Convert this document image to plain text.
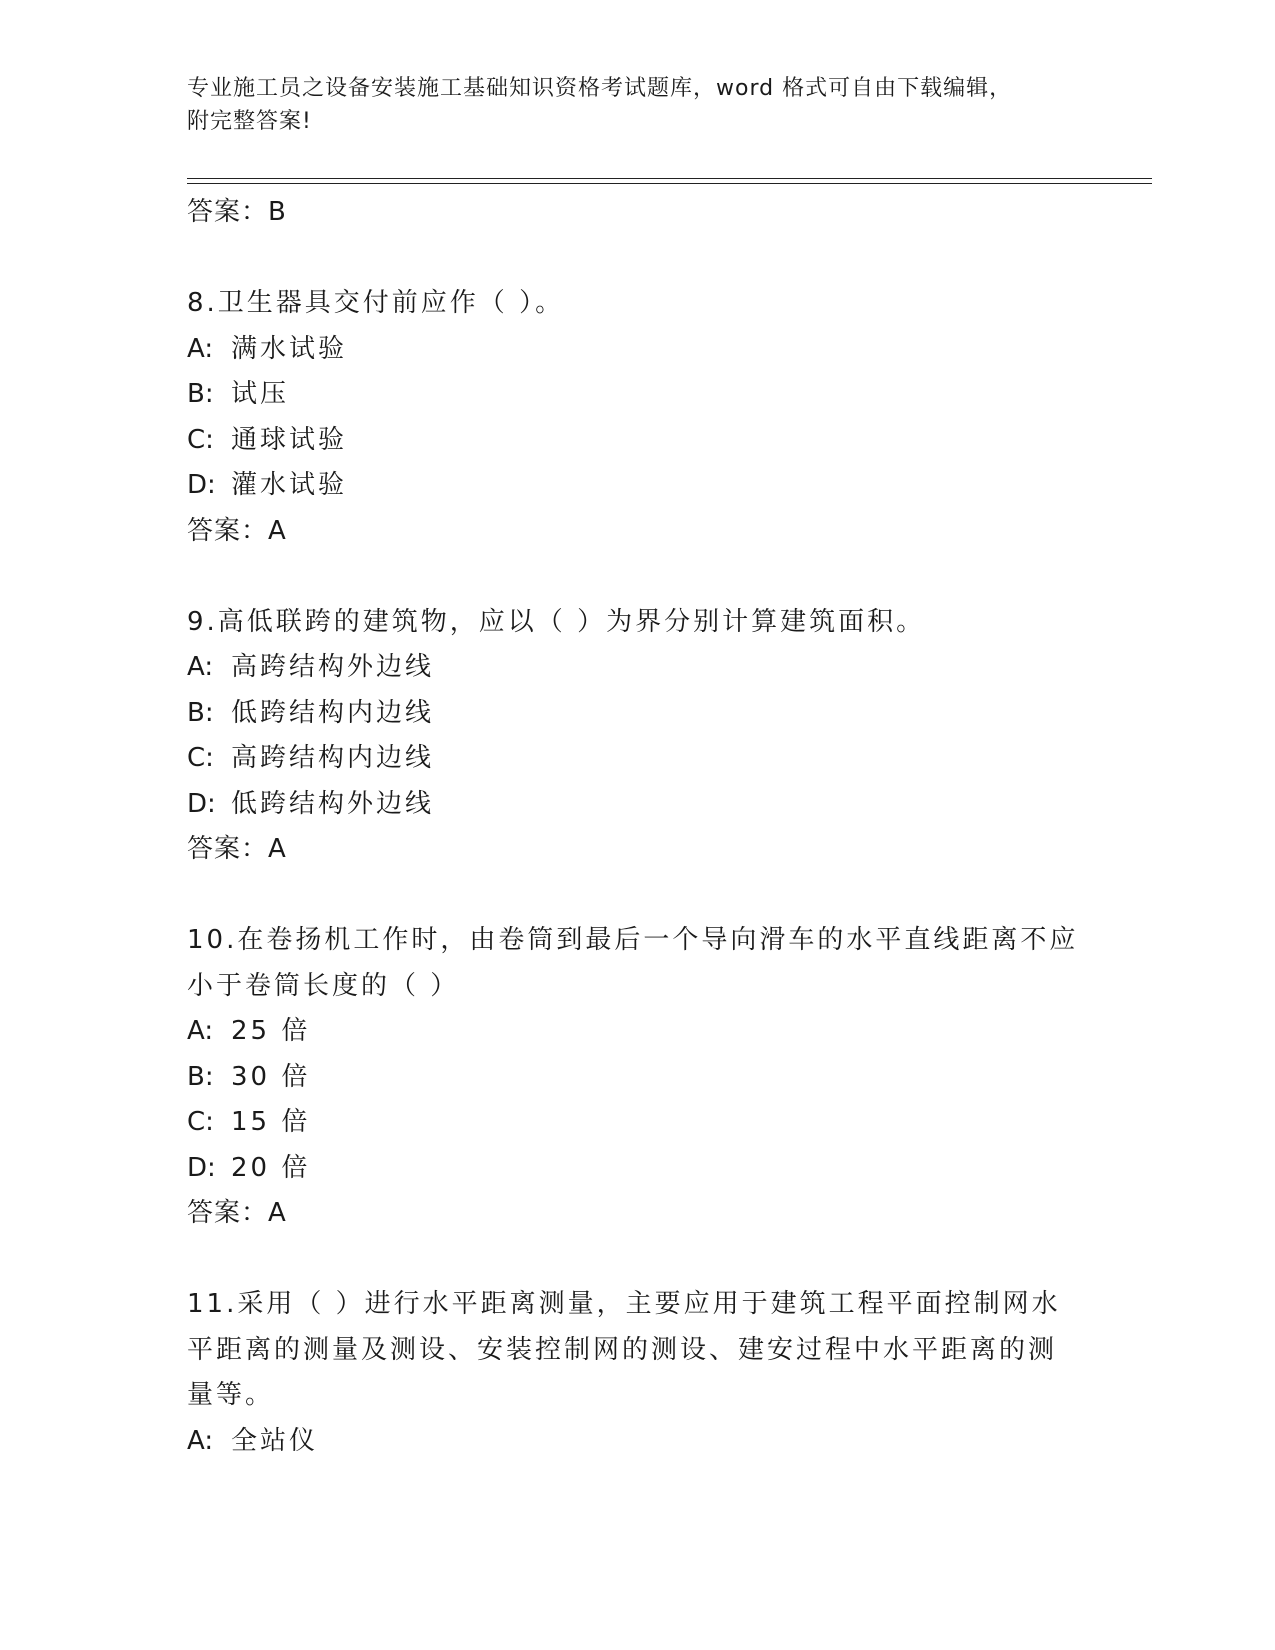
专业施工员之设备安装施工基础知识资格考试题库，word 格式可自由下载编辑，
附完整答案!
答案：B
8.卫生器具交付前应作（ ）。
A: 满水试验
B: 试压
C: 通球试验
D: 灌水试验
答案：A
9.高低联跨的建筑物，应以（ ）为界分别计算建筑面积。
A: 高跨结构外边线
B: 低跨结构内边线
C: 高跨结构内边线
D: 低跨结构外边线
答案：A
10.在卷扬机工作时，由卷筒到最后一个导向滑车的水平直线距离不应
小于卷筒长度的（ ）
A: 25 倍
B: 30 倍
C: 15 倍
D: 20 倍
答案：A
11.采用（ ）进行水平距离测量，主要应用于建筑工程平面控制网水
平距离的测量及测设、安装控制网的测设、建安过程中水平距离的测
量等。
A: 全站仪
